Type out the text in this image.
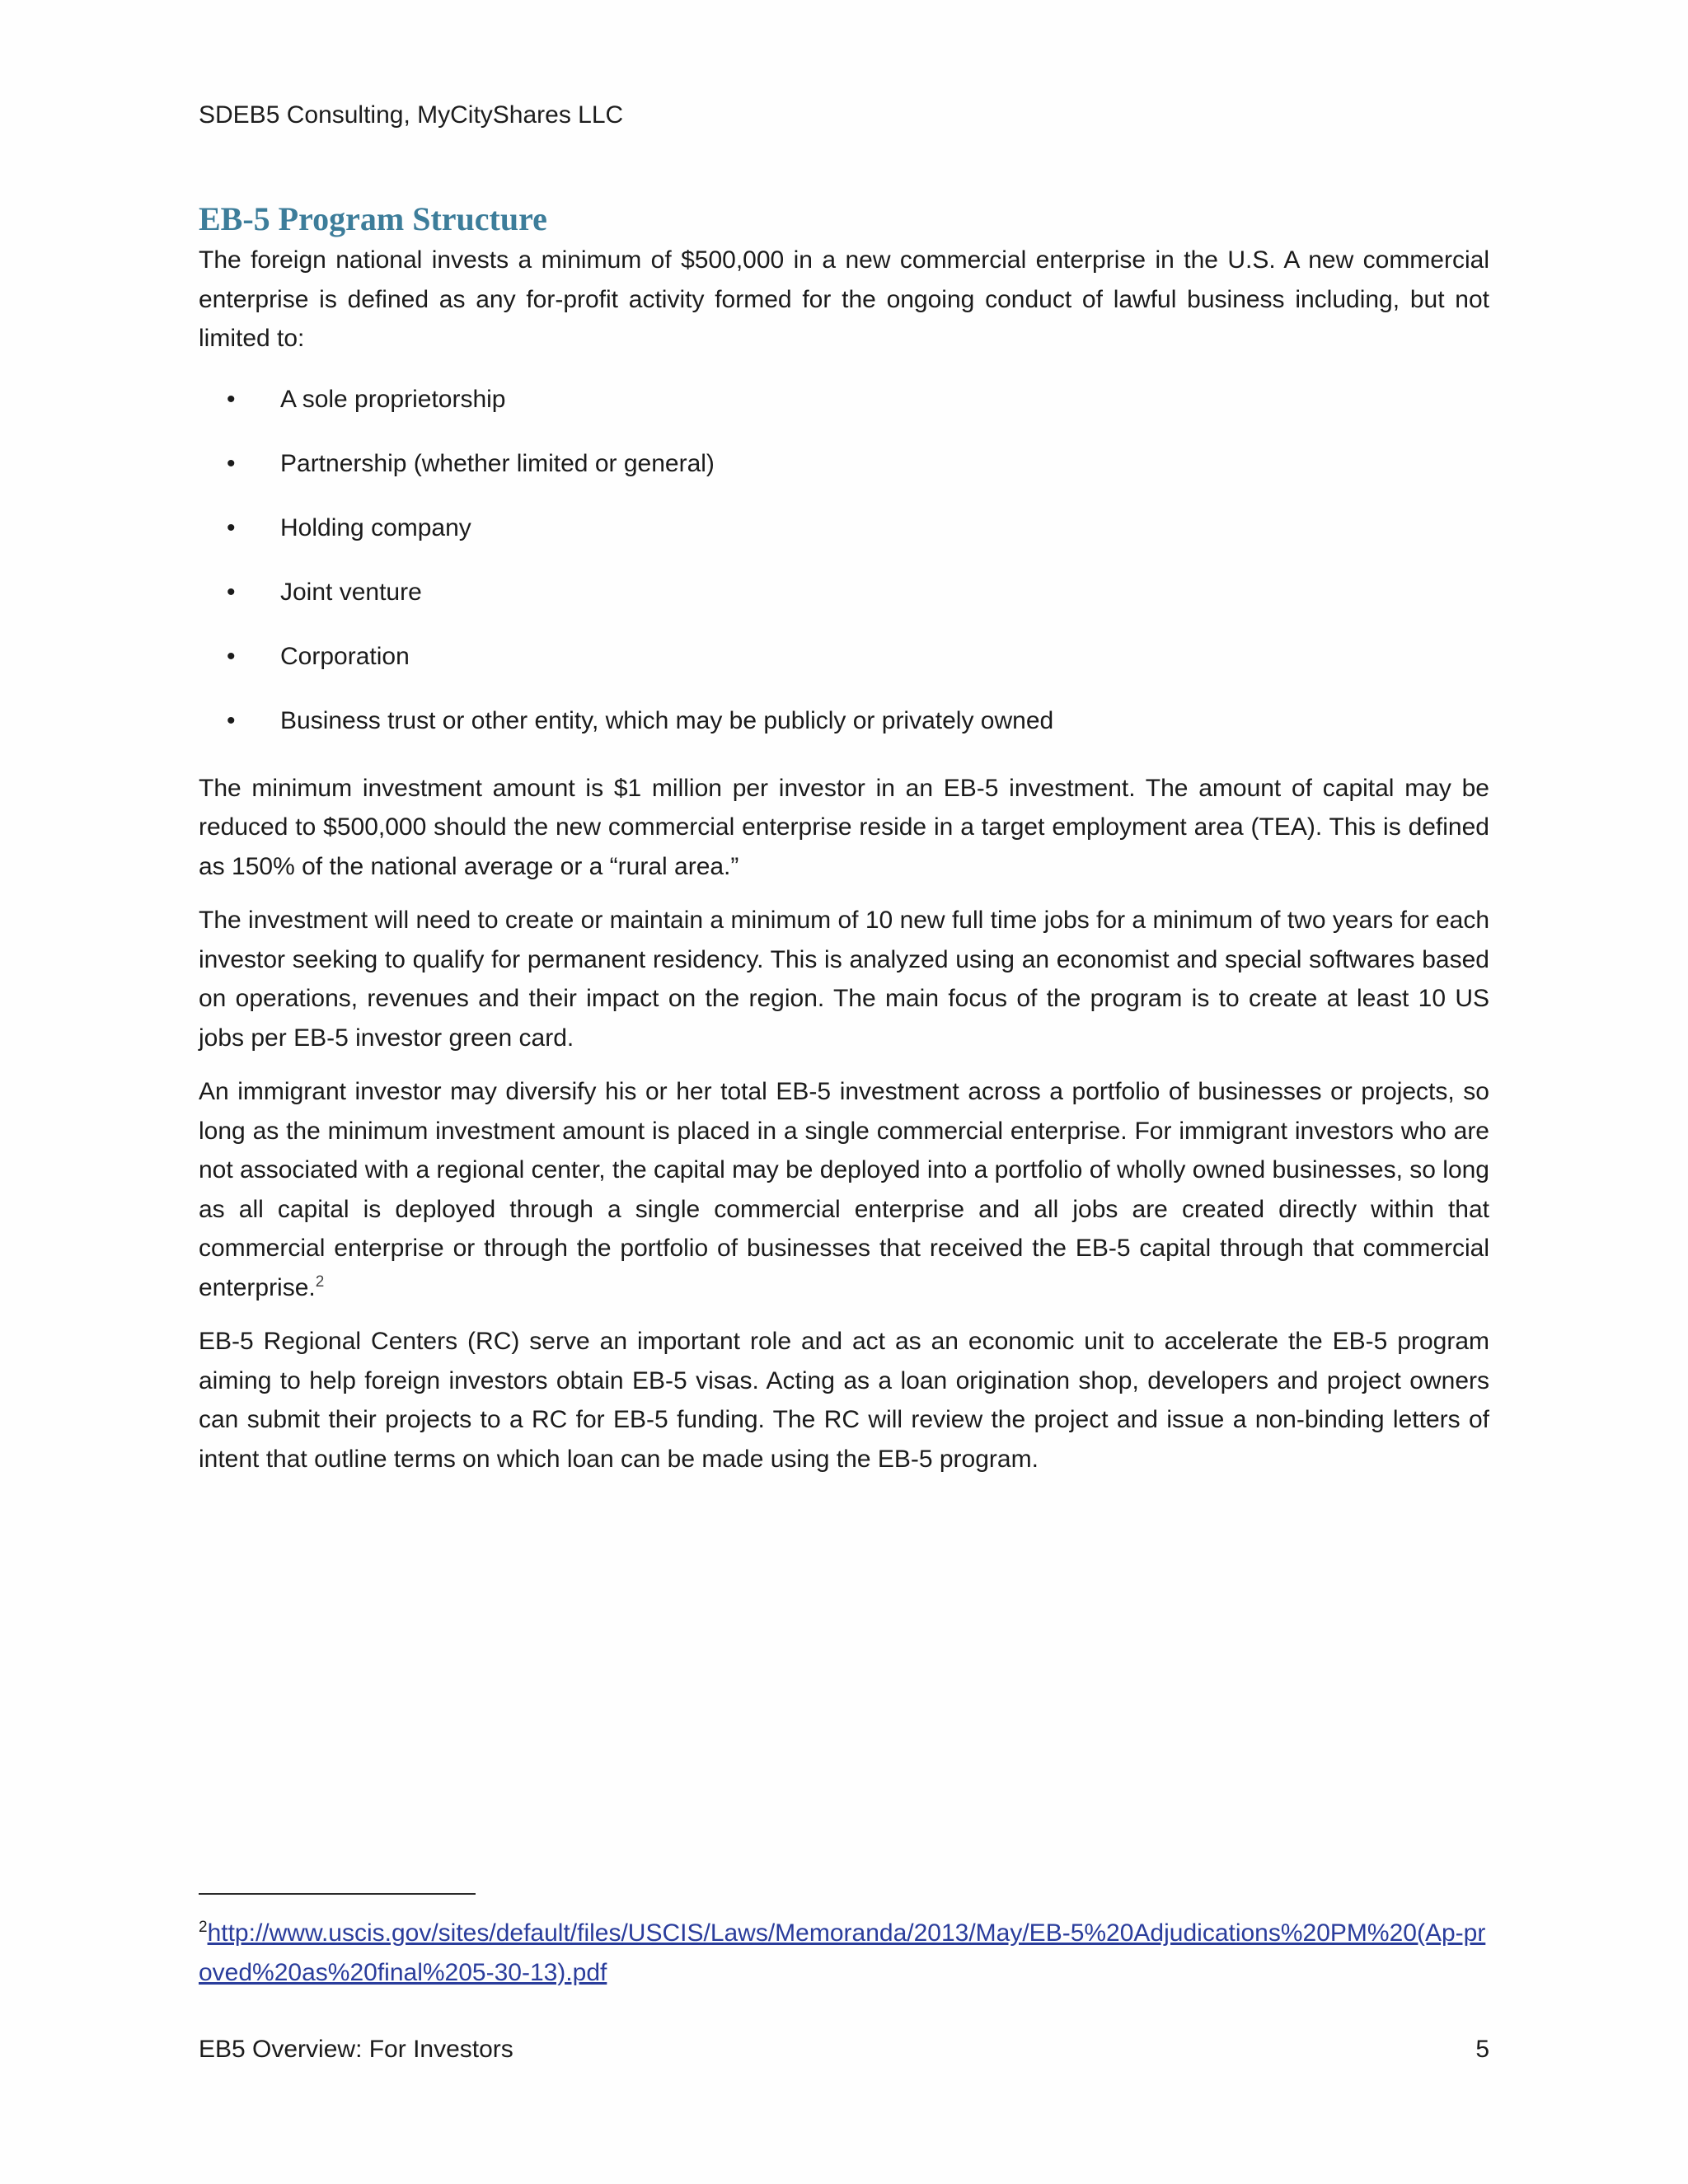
SDEB5 Consulting, MyCityShares LLC
EB-5 Program Structure

The foreign national invests a minimum of $500,000 in a new commercial enterprise in the U.S. A new commercial enterprise is defined as any for-profit activity formed for the ongoing conduct of lawful business including, but not limited to:

• A sole proprietorship
• Partnership (whether limited or general)
• Holding company
• Joint venture
• Corporation
• Business trust or other entity, which may be publicly or privately owned

The minimum investment amount is $1 million per investor in an EB-5 investment. The amount of capital may be reduced to $500,000 should the new commercial enterprise reside in a target employment area (TEA). This is defined as 150% of the national average or a “rural area.”

The investment will need to create or maintain a minimum of 10 new full time jobs for a minimum of two years for each investor seeking to qualify for permanent residency. This is analyzed using an economist and special softwares based on operations, revenues and their impact on the region. The main focus of the program is to create at least 10 US jobs per EB-5 investor green card.

An immigrant investor may diversify his or her total EB-5 investment across a portfolio of businesses or projects, so long as the minimum investment amount is placed in a single commercial enterprise. For immigrant investors who are not associated with a regional center, the capital may be deployed into a portfolio of wholly owned businesses, so long as all capital is deployed through a single commercial enterprise and all jobs are created directly within that commercial enterprise or through the portfolio of businesses that received the EB-5 capital through that commercial enterprise.$^2$

EB-5 Regional Centers (RC) serve an important role and act as an economic unit to accelerate the EB-5 program aiming to help foreign investors obtain EB-5 visas. Acting as a loan origination shop, developers and project owners can submit their projects to a RC for EB-5 funding. The RC will review the project and issue a non-binding letters of intent that outline terms on which loan can be made using the EB-5 program.

$^2$http://www.uscis.gov/sites/default/files/USCIS/Laws/Memoranda/2013/May/EB-5%20Adjudications%20PM%20(Ap-proved%20as%20final%205-30-13).pdf
EB5 Overview: For Investors	5
